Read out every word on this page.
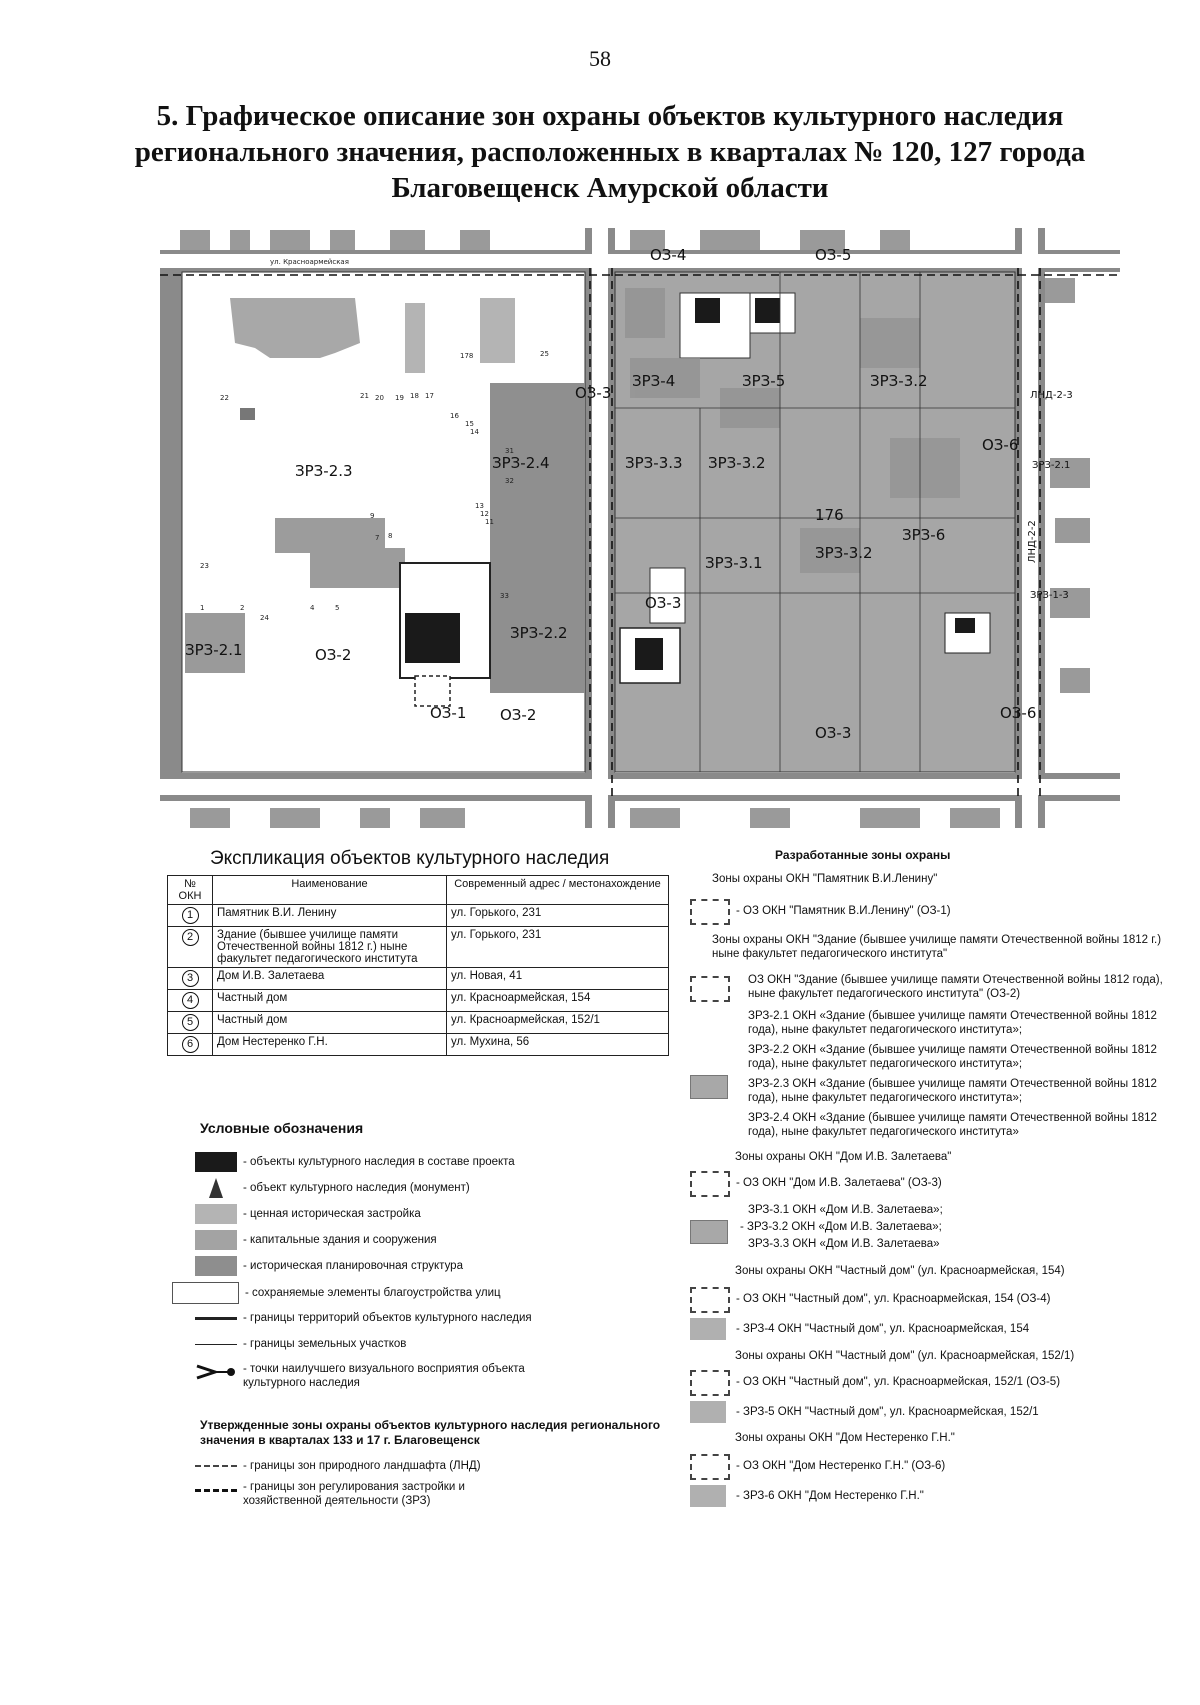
58
5. Графическое описание зон охраны объектов культурного наследия регионального значения, расположенных в кварталах № 120, 127 города Благовещенск Амурской области
ОЗ-4	ОЗ-5
ОЗ-3
ЗРЗ-4	ЗРЗ-5	ЗРЗ-3.2
ЛНД-2-3
ОЗ-6
ЗРЗ-2.3	ЗРЗ-2.4	ЗРЗ-3.3 ЗРЗ-3.2	ЗРЗ-2.1
176
ЗРЗ-6
ЗРЗ-3.2
ЗРЗ-3.1
ОЗ-3
ЗРЗ-2.2
ЛНД-2-2
ЗРЗ-1-3
ОЗ-2
ЗРЗ-2.1
ОЗ-1 ОЗ-2
ОЗ-3
ОЗ-6
ул. Красноармейская
22	21 20 19 18 17
16
15
14
13
12
11
9
8
7
23
1	2
24
4	5
33
32
31
178	25
Экспликация объектов культурного наследия
№ ОКН	Наименование	Современный адрес / местонахождение
1	Памятник В.И. Ленину	ул. Горького, 231
2	Здание (бывшее училище памяти Отечественной войны 1812 г.) ныне факультет педагогического института	ул. Горького, 231
3	Дом И.В. Залетаева	ул. Новая, 41
4	Частный дом	ул. Красноармейская, 154
5	Частный дом	ул. Красноармейская, 152/1
6	Дом Нестеренко Г.Н.	ул. Мухина, 56
Условные обозначения
- объекты культурного наследия в составе проекта
- объект культурного наследия (монумент)
- ценная историческая застройка
- капитальные здания и сооружения
- историческая планировочная структура
- сохраняемые элементы благоустройства улиц
- границы территорий объектов культурного наследия
- границы земельных участков
- точки наилучшего визуального восприятия объекта культурного наследия
Утвержденные зоны охраны объектов культурного наследия регионального значения в кварталах 133 и 17 г. Благовещенск
- границы зон природного ландшафта (ЛНД)
- границы зон регулирования застройки и хозяйственной деятельности (ЗРЗ)
Разработанные зоны охраны
Зоны охраны ОКН "Памятник В.И.Ленину"
- ОЗ ОКН "Памятник В.И.Ленину" (ОЗ-1)
Зоны охраны ОКН "Здание (бывшее училище памяти Отечественной войны 1812 г.) ныне факультет педагогического института"
ОЗ ОКН "Здание (бывшее училище памяти Отечественной войны 1812 года), ныне факультет педагогического института" (ОЗ-2)
ЗРЗ-2.1 ОКН «Здание (бывшее училище памяти Отечественной войны 1812 года), ныне факультет педагогического института»;
ЗРЗ-2.2 ОКН «Здание (бывшее училище памяти Отечественной войны 1812 года), ныне факультет педагогического института»;
ЗРЗ-2.3 ОКН «Здание (бывшее училище памяти Отечественной войны 1812 года), ныне факультет педагогического института»;
ЗРЗ-2.4 ОКН «Здание (бывшее училище памяти Отечественной войны 1812 года), ныне факультет педагогического института»
Зоны охраны ОКН "Дом И.В. Залетаева"
- ОЗ ОКН "Дом И.В. Залетаева" (ОЗ-3)
ЗРЗ-3.1 ОКН «Дом И.В. Залетаева»;
- ЗРЗ-3.2 ОКН «Дом И.В. Залетаева»;
ЗРЗ-3.3 ОКН «Дом И.В. Залетаева»
Зоны охраны ОКН "Частный дом" (ул. Красноармейская, 154)
- ОЗ ОКН "Частный дом", ул. Красноармейская, 154 (ОЗ-4)
- ЗРЗ-4 ОКН "Частный дом", ул. Красноармейская, 154
Зоны охраны ОКН "Частный дом" (ул. Красноармейская, 152/1)
- ОЗ ОКН "Частный дом", ул. Красноармейская, 152/1 (ОЗ-5)
- ЗРЗ-5 ОКН "Частный дом", ул. Красноармейская, 152/1
Зоны охраны ОКН "Дом Нестеренко Г.Н."
- ОЗ ОКН "Дом Нестеренко Г.Н." (ОЗ-6)
- ЗРЗ-6 ОКН "Дом Нестеренко Г.Н."
